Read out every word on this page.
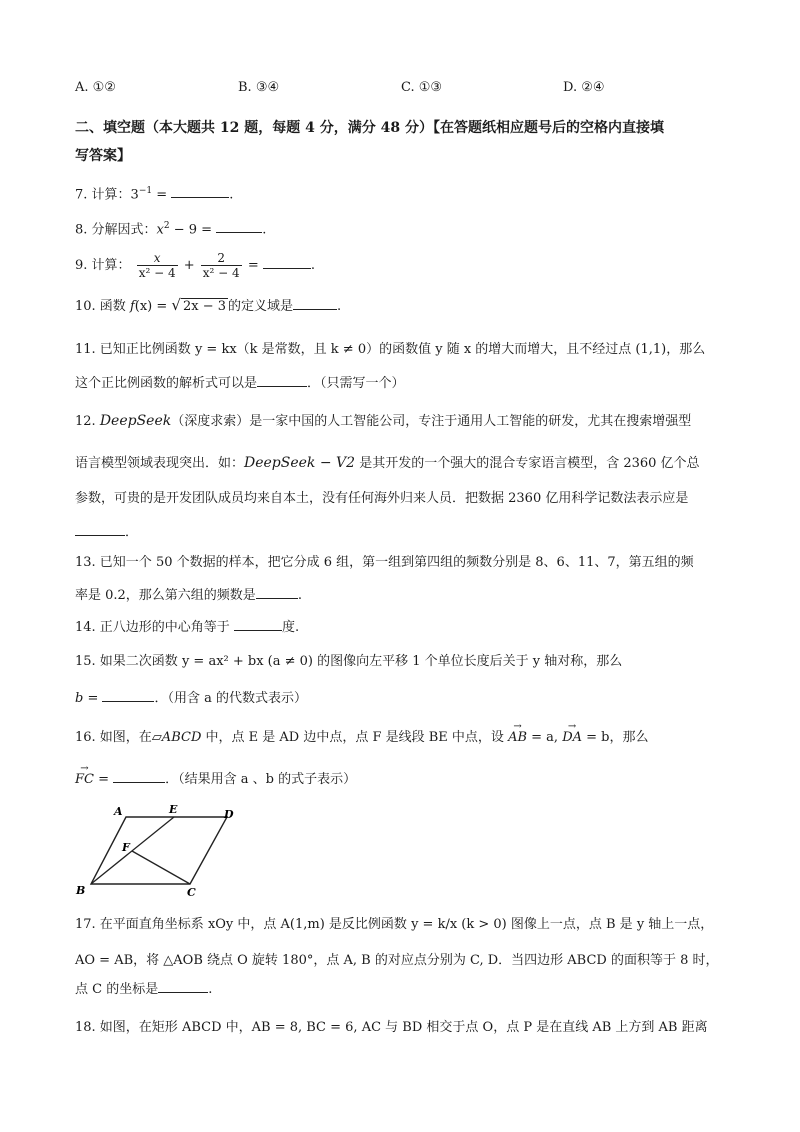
A. ①②	B. ③④	C. ①③	D. ②④
二、填空题（本大题共 12 题，每题 4 分，满分 48 分）【在答题纸相应题号后的空格内直接填
写答案】
7. 计算：$3^{-1}$ =	.
8. 分解因式：$x^2 - 9$ =	.
9. 计算： $\frac{x}{\text{x² − 4}} + \frac{2}{\text{x² − 4}}$ =	.
10. 函数 f(x) = √ 2x − 3 的定义域是	.
11. 已知正比例函数 y = kx（k 是常数，且 k ≠ 0）的函数值 y 随 x 的增大而增大，且不经过点 (1,1)，那么
这个正比例函数的解析式可以是	．（只需写一个）
12. DeepSeek（深度求索）是一家中国的人工智能公司，专注于通用人工智能的研发，尤其在搜索增强型
语言模型领域表现突出．如：DeepSeek − V2 是其开发的一个强大的混合专家语言模型，含 2360 亿个总
参数，可贵的是开发团队成员均来自本土，没有任何海外归来人员．把数据 2360 亿用科学记数法表示应是
．
13. 已知一个 50 个数据的样本，把它分成 6 组，第一组到第四组的频数分别是 8、6、11、7，第五组的频
率是 0.2，那么第六组的频数是	.
14. 正八边形的中心角等于	度.
15. 如果二次函数 y = ax² + bx (a ≠ 0) 的图像向左平移 1 个单位长度后关于 y 轴对称，那么
b =	．（用含 a 的代数式表示）
16. 如图，在▱ABCD 中，点 E 是 AD 边中点，点 F 是线段 BE 中点，设 → AB = a, → DA = b，那么
→ FC =	．（结果用含 a 、b 的式子表示）
A	E	D
F
B	C
17. 在平面直角坐标系 xOy 中，点 A(1,m) 是反比例函数 y = k/x (k > 0) 图像上一点，点 B 是 y 轴上一点，
AO = AB，将 △AOB 绕点 O 旋转 180°，点 A, B 的对应点分别为 C, D．当四边形 ABCD 的面积等于 8 时，
点 C 的坐标是	.
18. 如图，在矩形 ABCD 中，AB = 8, BC = 6, AC 与 BD 相交于点 O，点 P 是在直线 AB 上方到 AB 距离
